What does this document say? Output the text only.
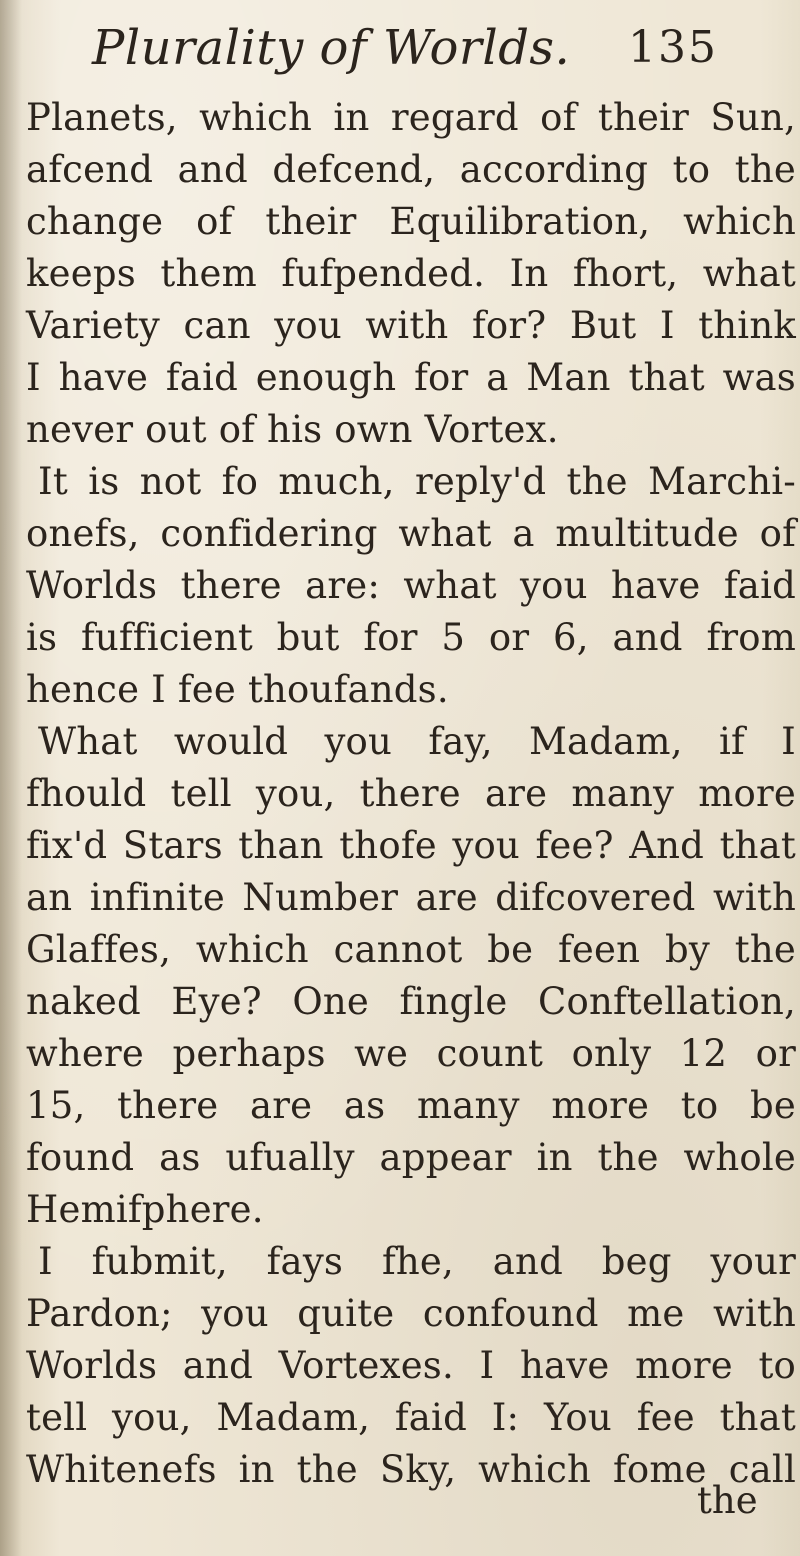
Plurality of Worlds. 135
Planets, which in regard of their Sun,
afcend and defcend, according to the
change of their Equilibration, which
keeps them fufpended. In fhort, what
Variety can you with for? But I think
I have faid enough for a Man that was
never out of his own Vortex.
It is not fo much, reply'd the Marchi-
onefs, confidering what a multitude of
Worlds there are: what you have faid
is fufficient but for 5 or 6, and from
hence I fee thoufands.
What would you fay, Madam, if I
fhould tell you, there are many more
fix'd Stars than thofe you fee? And that
an infinite Number are difcovered with
Glaffes, which cannot be feen by the
naked Eye? One fingle Conftellation,
where perhaps we count only 12 or
15, there are as many more to be
found as ufually appear in the whole
Hemifphere.
I fubmit, fays fhe, and beg your
Pardon; you quite confound me with
Worlds and Vortexes. I have more to
tell you, Madam, faid I: You fee that
Whitenefs in the Sky, which fome call
the
